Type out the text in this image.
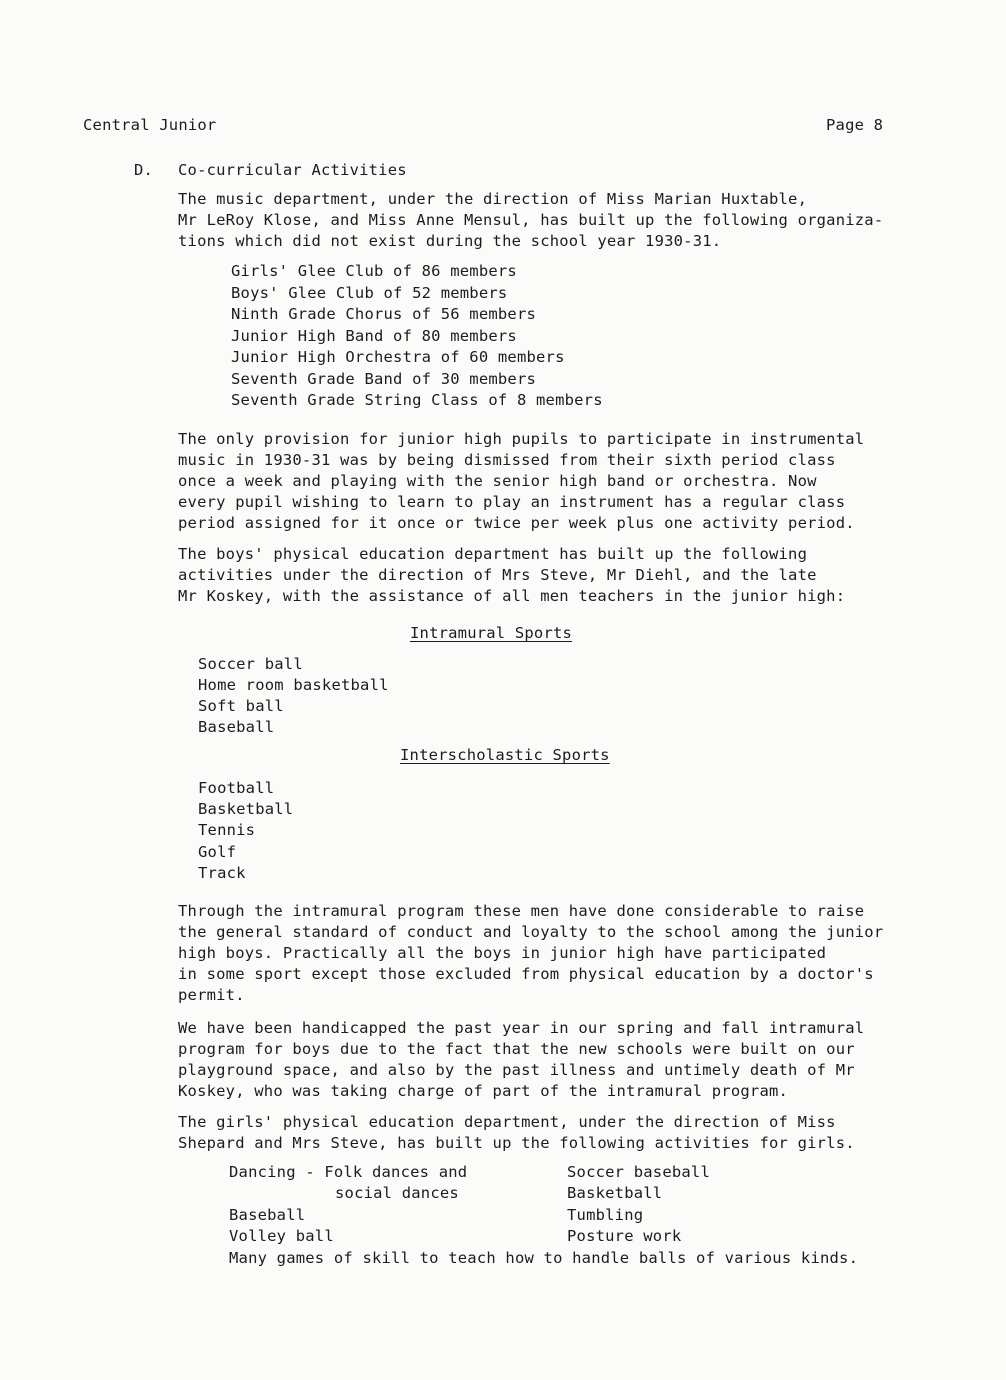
Central Junior	Page 8
D. Co-curricular Activities
The music department, under the direction of Miss Marian Huxtable,
Mr LeRoy Klose, and Miss Anne Mensul, has built up the following organiza-
tions which did not exist during the school year 1930-31.
Girls' Glee Club of 86 members
Boys' Glee Club of 52 members
Ninth Grade Chorus of 56 members
Junior High Band of 80 members
Junior High Orchestra of 60 members
Seventh Grade Band of 30 members
Seventh Grade String Class of 8 members
The only provision for junior high pupils to participate in instrumental
music in 1930-31 was by being dismissed from their sixth period class
once a week and playing with the senior high band or orchestra. Now
every pupil wishing to learn to play an instrument has a regular class
period assigned for it once or twice per week plus one activity period.
The boys' physical education department has built up the following
activities under the direction of Mrs Steve, Mr Diehl, and the late
Mr Koskey, with the assistance of all men teachers in the junior high:
Intramural Sports
Soccer ball
Home room basketball
Soft ball
Baseball
Interscholastic Sports
Football
Basketball
Tennis
Golf
Track
Through the intramural program these men have done considerable to raise
the general standard of conduct and loyalty to the school among the junior
high boys. Practically all the boys in junior high have participated
in some sport except those excluded from physical education by a doctor's
permit.
We have been handicapped the past year in our spring and fall intramural
program for boys due to the fact that the new schools were built on our
playground space, and also by the past illness and untimely death of Mr
Koskey, who was taking charge of part of the intramural program.
The girls' physical education department, under the direction of Miss
Shepard and Mrs Steve, has built up the following activities for girls.
Dancing - Folk dances and
social dances
Baseball
Volley ball
Soccer baseball
Basketball
Tumbling
Posture work
Many games of skill to teach how to handle balls of various kinds.
